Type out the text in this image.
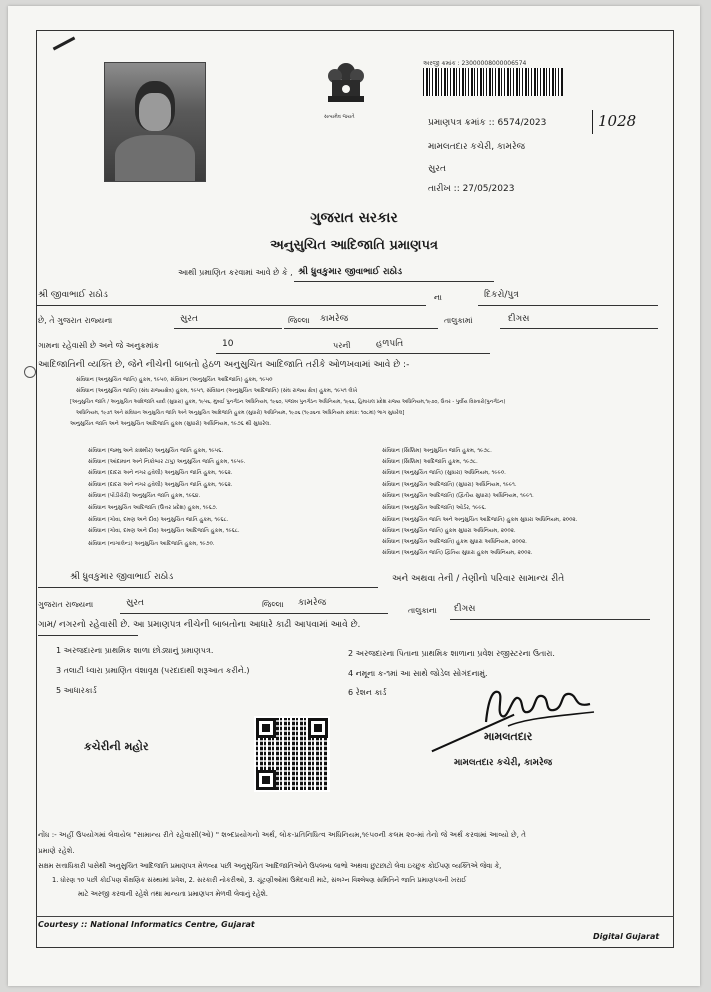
સત્યમેવ જયતે
અરજી ક્રમાંક : 23000008000006574
પ્રમાણપત્ર ક્રમાંક :: 6574/2023	1028
મામલતદાર કચેરી, કામરેજ
સુરત
તારીખ :: 27/05/2023
ગુજરાત સરકાર
અનુસુચિત આદિજાતિ પ્રમાણપત્ર
આથી પ્રમાણિત કરવામાં આવે છે કે , શ્રી ધ્રુવકુમાર જીવાભાઈ રાઠોડ
શ્રી જીવાભાઈ રાઠોડ	ના	દિકરો/પુત્ર
છે, તે ગુજરાત રાજ્યના	સુરત	જિલ્લા કામરેજ	તાલુકામાં	દીગસ
ગામના રહેવાસી છે અને જે અનુક્રમાંક	10	પરની	હળપતિ
આદિજાતિની વ્યક્તિ છે, જેને નીચેની બાબતો હેઠળ અનુસુચિત આદિજાતિ તરીકે ઓળખવામાં આવે છે :-
સંવિધાન (અનુસુચિત જાતિ) હુકમ, ૧૯૫૦, સંવિધાન (અનુસુચિત આદિજાતિ) હુકમ, ૧૯૫૦
સંવિધાન (અનુસુચિત જાતિ) (સંઘ રાજ્યક્ષેત્ર) હુકમ, ૧૯૫૧, સંવિધાન (અનુસુચિત આદિજાતિ) (સંઘ રાજ્ય ક્ષેત્ર) હુકમ, ૧૯૫૧ લેખે
[અનુસુચિત જાતિ / અનુસુચિત આદિજાતિ યાદી (સુધારા) હુકમ, ૧૯૫૬, મુંબઈ પુનર્ગઠન અધિનિયમ, ૧૯૬૦, પંજાબ પુનર્ગઠન અધિનિયમ, ૧૯૬૬, હિમાચલ પ્રદેશ રાજ્ય અધિનિયમ,૧૯૭૦, ઉત્તર - પુર્વીય વિસ્તારો(પુનર્ગઠન)
અધિનિયમ, ૧૯૭૧ અને સંવિધાન અનુસુચિત જાતિ અને અનુસુચિત આદિજાતિ હુકમ (સુધારો) અધિનિયમ, ૧૯૭૬ (૧૯૭૬ના અધિનિયમ ક્રમાંક: ૧૦૮માં) ભાગ સુધારેલ]
અનુસુચિત જાતિ અને અનુસુચિત આદિજાતિ હુકમ (સુધારો) અધિનિયમ, ૧૯૭૬ થી સુધારેલ.
સંવિધાન (જમ્મુ અને કાશ્મીર) અનુસુચિત જાતિ હુકમ, ૧૯૫૬.
સંવિધાન (આંદામાન અને નિકોબાર ટાપુ) અનુસુચિત જાતિ હુકમ, ૧૯૫૯.
સંવિધાન (દાદરા અને નગર હવેલી) અનુસુચિત જાતિ હુકમ, ૧૯૬૨.
સંવિધાન (દાદરા અને નગર હવેલી) અનુસુચિત જાતિ હુકમ, ૧૯૬૨.
સંવિધાન (પોંડીચેરી) અનુસુચિત જાતિ હુકમ, ૧૯૬૪.
સંવિધાન અનુસુચિત આદિજાતિ (ઉત્તર પ્રદેશ) હુકમ, ૧૯૬૭.
સંવિધાન (ગોવા, દમણ અને દીવ) અનુસુચિત જાતિ હુકમ, ૧૯૬૮.
સંવિધાન (ગોવા, દમણ અને દીવ) અનુસુચિત આદિજાતિ હુકમ, ૧૯૬૮.
સંવિધાન (નાગાલેન્ડ) અનુસુચિત આદિજાતિ હુકમ, ૧૯૭૦.
સંવિધાન (સિક્કિમ) અનુસુચિત જાતિ હુકમ, ૧૯૭૮.
સંવિધાન (સિક્કિમ) આદિજાતિ હુકમ, ૧૯૭૮.
સંવિધાન (અનુસુચિત જાતિ) (સુધારા) અધિનિયમ, ૧૯૯૦.
સંવિધાન (અનુસુચિત આદિજાતિ) (સુધારા) અધિનિયમ, ૧૯૯૧.
સંવિધાન (અનુસુચિત આદિજાતિ) (દ્વિતીય સુધારા) અધિનિયમ, ૧૯૯૧.
સંવિધાન (અનુસુચિત આદિજાતિ) ઓર્ડર, ૧૯૯૬.
સંવિધાન (અનુસુચિત જાતિ અને અનુસુચિત આદિજાતિ) હુકમ સુધારા અધિનિયમ, ૨૦૦૨.
સંવિધાન (અનુસુચિત જાતિ) હુકમ સુધારા અધિનિયમ, ૨૦૦૨.
સંવિધાન (અનુસુચિત આદિજાતિ) હુકમ સુધારા અધિનિયમ, ૨૦૦૨.
સંવિધાન (અનુસુચિત જાતિ) દ્વિતિય સુધારા હુકમ અધિનિયમ, ૨૦૦૨.
શ્રી ધ્રુવકુમાર જીવાભાઈ રાઠોડ	અને અથવા તેની / તેણીનો પરિવાર સામાન્ય રીતે
ગુજરાત રાજ્યના	સુરત	જિલ્લા કામરેજ
તાલુકાના દીગસ
ગામ/ નગરનો રહેવાસી છે. આ પ્રમાણપત્ર નીચેની બાબતોના આધારે કાઢી આપવામાં આવે છે.
1 અરજદારના પ્રાથમિક શાળા છોડ્યાનું પ્રમાણપત્ર.	2 અરજદારના પિતાના પ્રાથમિક શાળાના પ્રવેશ રજીસ્ટરના ઉતારા.
3 તલાટી ધ્વારા પ્રમાણિત વંશાવૃક્ષ (પરદાદાથી શરૂઆત કરીને.)	4 નમૂના ક-૧માં આ સાથે જોડેલ સોગંદનામું.
5 આધારકાર્ડ	6 રેશન કાર્ડ
કચેરીની મહોર
મામલતદાર
મામલતદાર કચેરી, કામરેજ
નોંધ :- અહીં ઉપયોગમાં લેવાયેલ "સામાન્ય રીતે રહેવાસી(ઓ) " શબ્દપ્રયોગનો અર્થ, લોક-પ્રતિનિધિત્વ અધિનિયમ,૧૯૫૦ની કલમ ૨૦-માં તેનો જે અર્થ કરવામાં આવ્યો છે, તે
પ્રમાણે રહેશે.
સક્ષમ સત્તાધિકારી પાસેથી અનુસુચિત આદિજાતિ પ્રમાણપત્ર મેળવ્યા પછી અનુસુચિત આદિજાતિઓને ઉપલબ્ધ લાભો અથવા છુટછાટો લેવા ઇચ્છુક કોઈપણ વ્યક્તિએ જેવા કે,
1. ધોરણ ૧૦ પછી કોઈપણ શૈક્ષણિક સંસ્થામાં પ્રવેશ, 2. સરકારી નોકરીઓ, 3. ચૂંટણીઓમાં ઉમેદવારી માટે, સંલગ્ન વિશ્લેષણ સમિતિને જાતિ પ્રમાણપત્રની ખરાઈ
માટે અરજી કરવાની રહેશે તથા માન્યતા પ્રમાણપત્ર મેળવી લેવાનું રહેશે.
Courtesy :: National Informatics Centre, Gujarat
Digital Gujarat
